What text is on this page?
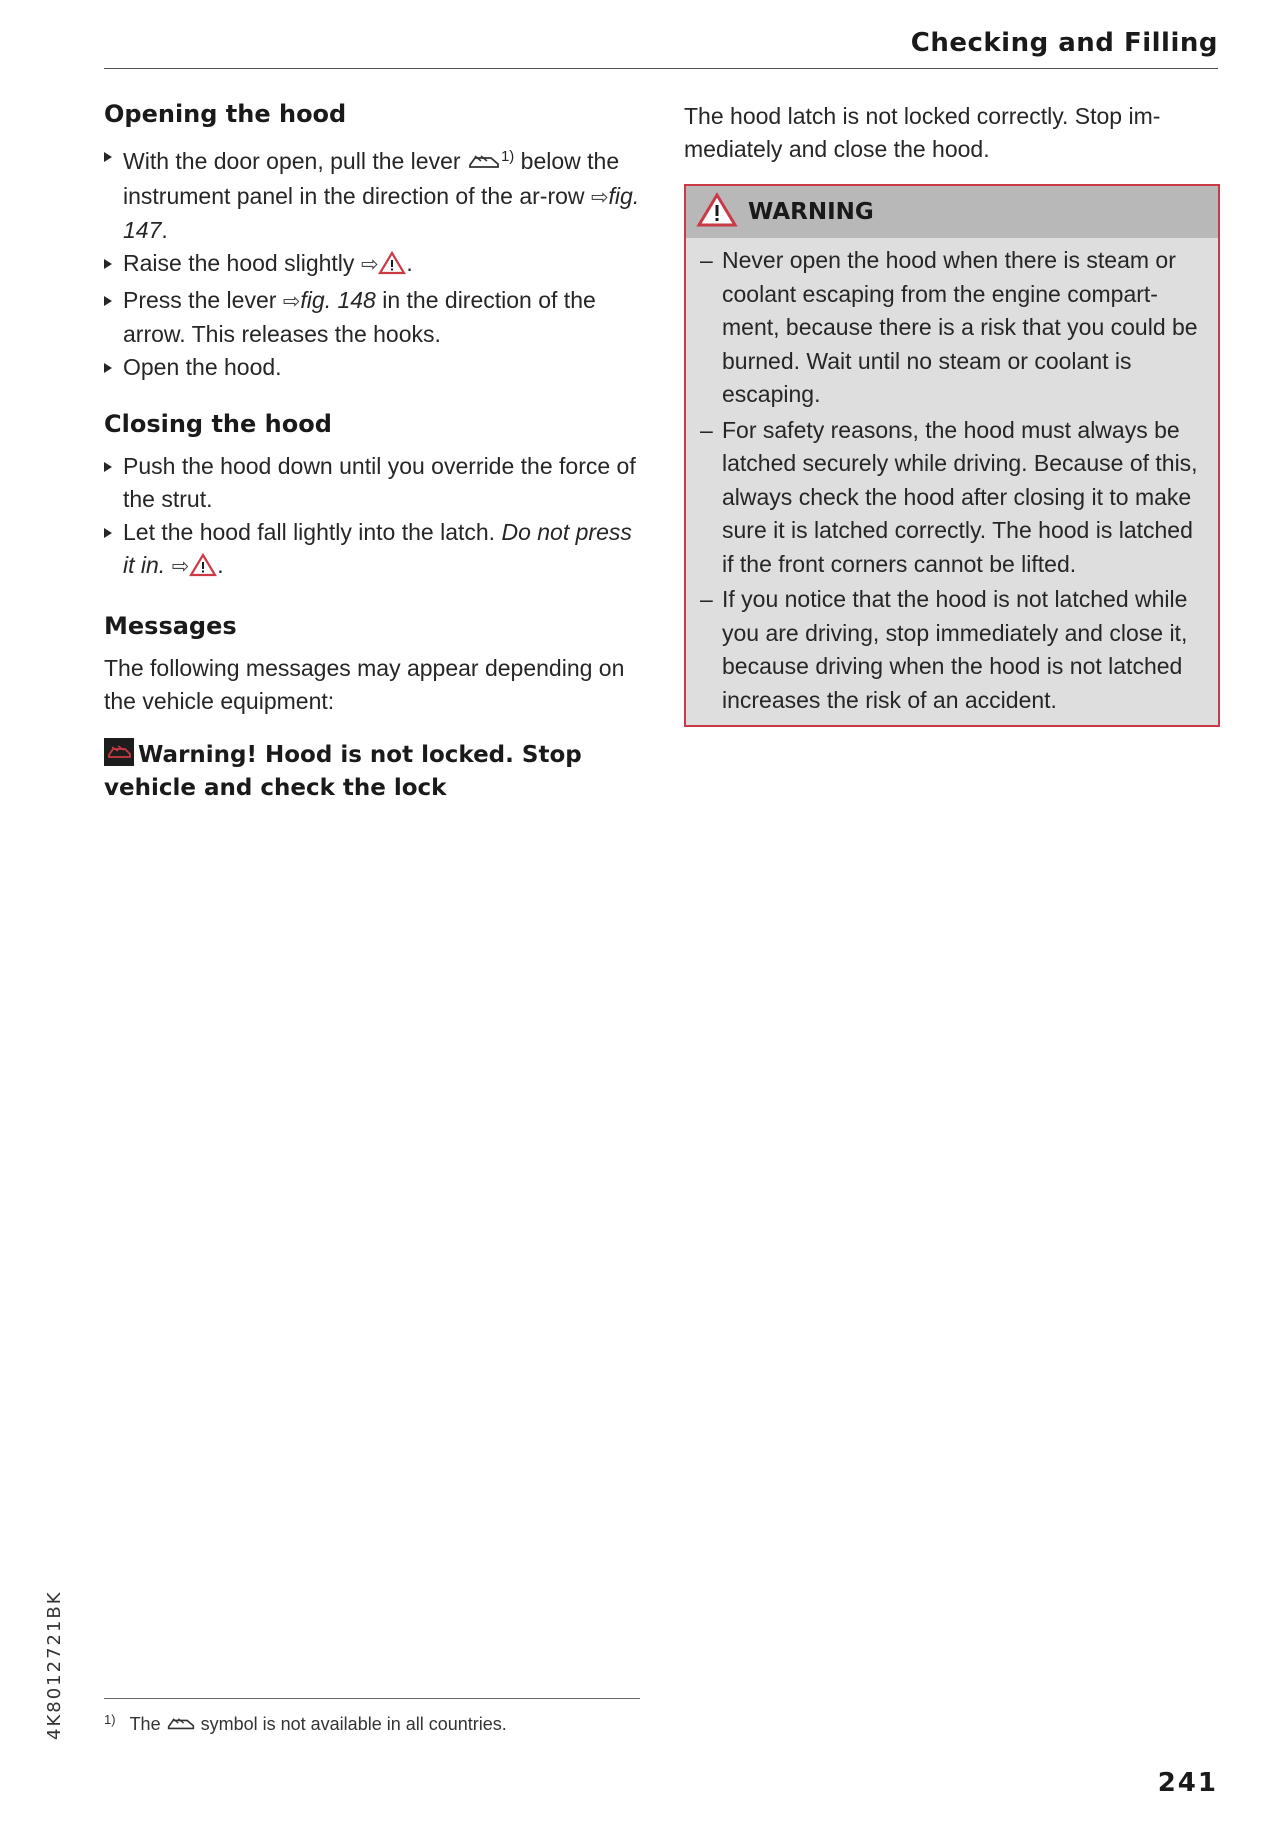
Checking and Filling
Opening the hood
With the door open, pull the lever	$^{1)}$ below the instrument panel in the direction of the ar-row ⇨fig. 147.
Raise the hood slightly ⇨ .
Press the lever ⇨fig. 148 in the direction of the arrow. This releases the hooks.
Open the hood.
Closing the hood
Push the hood down until you override the force of the strut.
Let the hood fall lightly into the latch. Do not press it in. ⇨ .
Messages

The following messages may appear depending on the vehicle equipment:

Warning! Hood is not locked. Stop vehicle and check the lock

The hood latch is not locked correctly. Stop im-mediately and close the hood.

WARNING
– Never open the hood when there is steam or coolant escaping from the engine compart-ment, because there is a risk that you could be burned. Wait until no steam or coolant is escaping.
– For safety reasons, the hood must always be latched securely while driving. Because of this, always check the hood after closing it to make sure it is latched correctly. The hood is latched if the front corners cannot be lifted.
– If you notice that the hood is not latched while you are driving, stop immediately and close it, because driving when the hood is not latched increases the risk of an accident.
4K8012721BK	$^{1)}$ The symbol is not available in all countries.
241
